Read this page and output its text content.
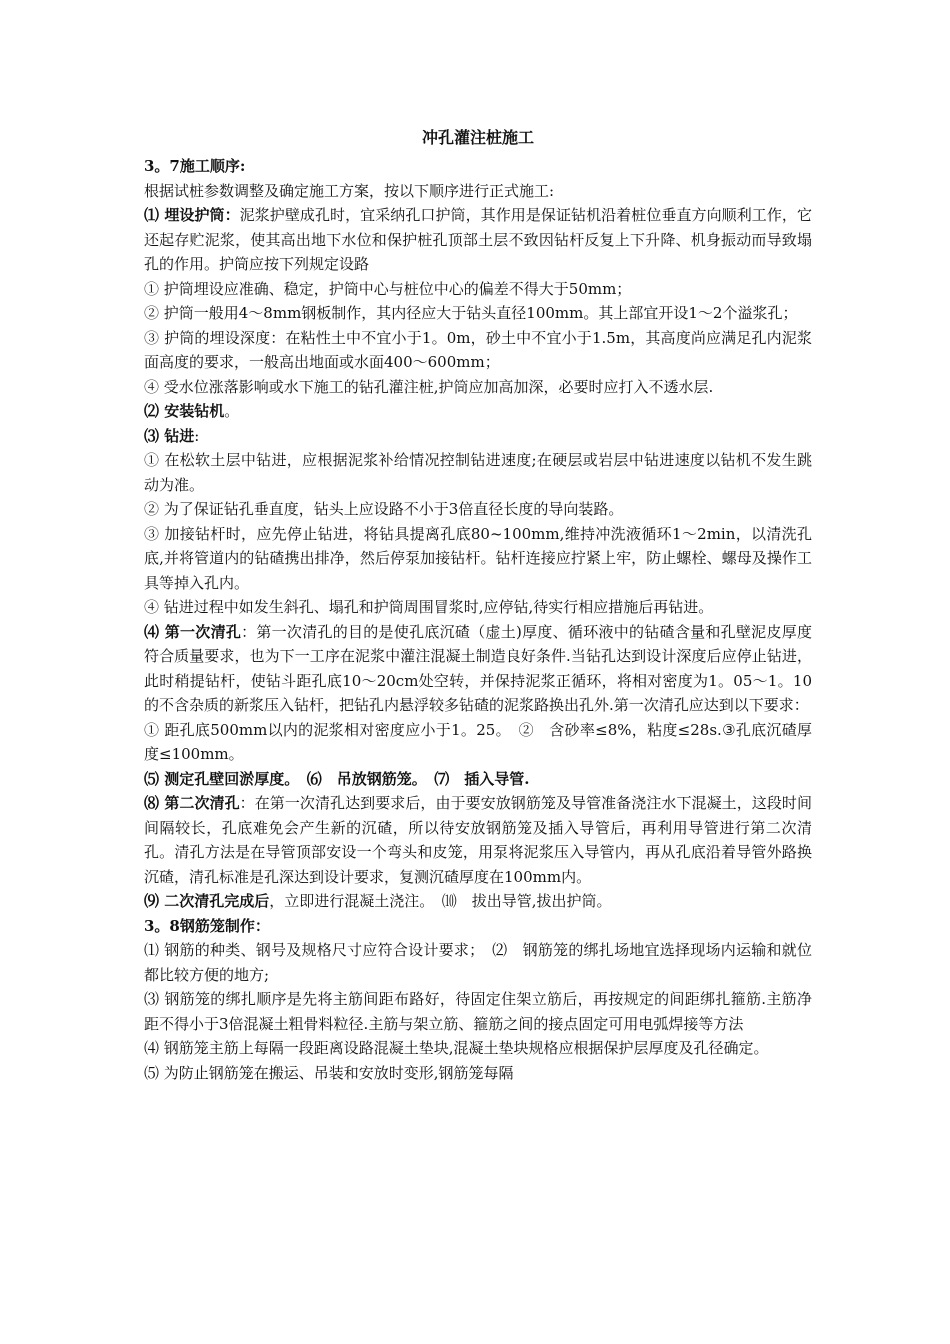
冲孔灌注桩施工

3。7施工顺序:

根据试桩参数调整及确定施工方案，按以下顺序进行正式施工:

⑴ 埋设护筒：泥浆护壁成孔时，宜采纳孔口护筒，其作用是保证钻机沿着桩位垂直方向顺利工作，它还起存贮泥浆，使其高出地下水位和保护桩孔顶部土层不致因钻杆反复上下升降、机身振动而导致塌孔的作用。护筒应按下列规定设路

① 护筒埋设应准确、稳定，护筒中心与桩位中心的偏差不得大于50mm；

② 护筒一般用4～8mm钢板制作，其内径应大于钻头直径100mm。其上部宜开设1～2个溢浆孔；

③ 护筒的埋设深度：在粘性土中不宜小于1。0m，砂土中不宜小于1.5m，其高度尚应满足孔内泥浆面高度的要求，一般高出地面或水面400～600mm；

④ 受水位涨落影响或水下施工的钻孔灌注桩,护筒应加高加深，必要时应打入不透水层.

⑵ 安装钻机。

⑶ 钻进:

① 在松软土层中钻进，应根据泥浆补给情况控制钻进速度;在硬层或岩层中钻进速度以钻机不发生跳动为准。

② 为了保证钻孔垂直度，钻头上应设路不小于3倍直径长度的导向装路。

③ 加接钻杆时，应先停止钻进，将钻具提离孔底80~100mm,维持冲洗液循环1～2min，以清洗孔底,并将管道内的钻碴携出排净，然后停泵加接钻杆。钻杆连接应拧紧上牢，防止螺栓、螺母及操作工具等掉入孔内。

④ 钻进过程中如发生斜孔、塌孔和护筒周围冒浆时,应停钻,待实行相应措施后再钻进。

⑷ 第一次清孔：第一次清孔的目的是使孔底沉碴（虚土)厚度、循环液中的钻碴含量和孔壁泥皮厚度符合质量要求，也为下一工序在泥浆中灌注混凝土制造良好条件.当钻孔达到设计深度后应停止钻进，此时稍提钻杆，使钻斗距孔底10～20cm处空转，并保持泥浆正循环，将相对密度为1。05～1。10的不含杂质的新浆压入钻杆，把钻孔内悬浮较多钻碴的泥浆路换出孔外.第一次清孔应达到以下要求：

① 距孔底500mm以内的泥浆相对密度应小于1。25。　②　含砂率≤8%，粘度≤28s.③孔底沉碴厚度≤100mm。

⑸ 测定孔壁回淤厚度。　⑹　吊放钢筋笼。　⑺　插入导管.

⑻ 第二次清孔：在第一次清孔达到要求后，由于要安放钢筋笼及导管准备浇注水下混凝土，这段时间间隔较长，孔底难免会产生新的沉碴，所以待安放钢筋笼及插入导管后，再利用导管进行第二次清孔。清孔方法是在导管顶部安设一个弯头和皮笼，用泵将泥浆压入导管内，再从孔底沿着导管外路换沉碴，清孔标准是孔深达到设计要求，复测沉碴厚度在100mm内。

⑼ 二次清孔完成后，立即进行混凝土浇注。　⑽　拔出导管,拔出护筒。

3。8钢筋笼制作：

⑴ 钢筋的种类、钢号及规格尺寸应符合设计要求；　⑵　钢筋笼的绑扎场地宜选择现场内运输和就位都比较方便的地方;

⑶ 钢筋笼的绑扎顺序是先将主筋间距布路好，待固定住架立筋后，再按规定的间距绑扎箍筋.主筋净距不得小于3倍混凝土粗骨料粒径.主筋与架立筋、箍筋之间的接点固定可用电弧焊接等方法

⑷ 钢筋笼主筋上每隔一段距离设路混凝土垫块,混凝土垫块规格应根据保护层厚度及孔径确定。

⑸ 为防止钢筋笼在搬运、吊装和安放时变形,钢筋笼每隔
